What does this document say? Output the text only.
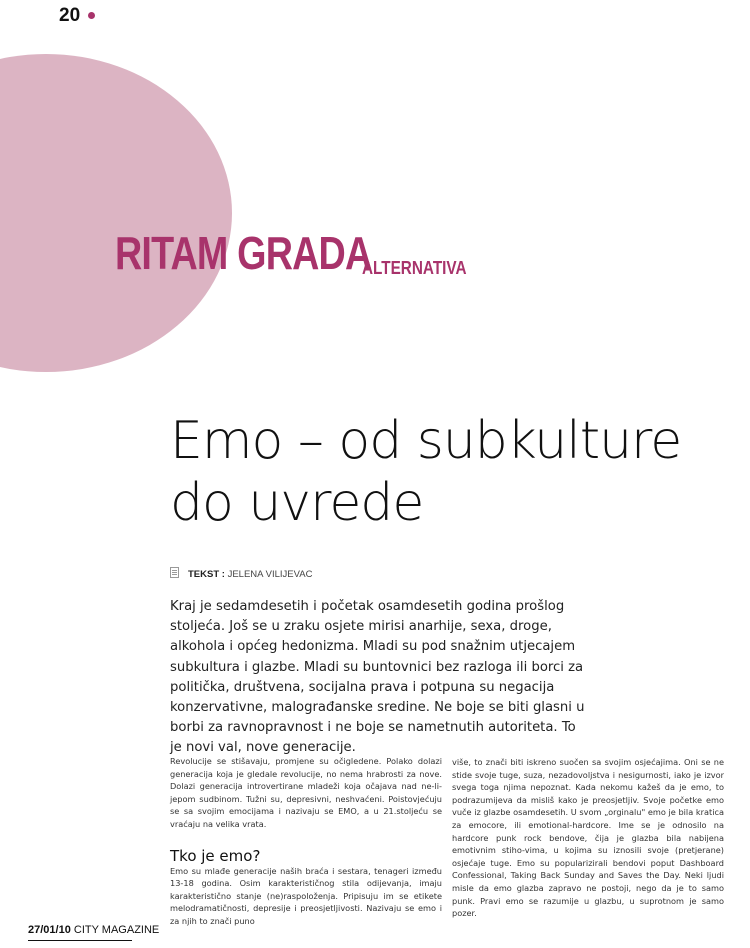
20
RITAM GRADA
ALTERNATIVA
Emo – od subkulture do uvrede
TEKST : JELENA VILIJEVAC

Kraj je sedamdesetih i početak osamdesetih godina prošlog stoljeća. Još se u zraku osjete mirisi anarhije, sexa, droge, alkohola i općeg hedonizma. Mladi su pod snažnim utjecajem subkultura i glazbe. Mladi su buntovnici bez razloga ili borci za politička, društvena, socijalna prava i potpuna su negacija konzervativne, malograđanske sredine. Ne boje se biti glasni u borbi za ravnopravnost i ne boje se nametnutih autoriteta. To je novi val, nove generacije.

Revolucije se stišavaju, promjene su očigledene. Polako dolazi generacija koja je gledale revolucije, no nema hrabrosti za nove. Dolazi generacija introvertirane mladeži koja očajava nad ne-li-jepom sudbinom. Tužni su, depresivni, neshvaćeni. Poistovjećuju se sa svojim emocijama i nazivaju se EMO, a u 21.stoljeću se vraćaju na velika vrata.

Tko je emo?

Emo su mlađe generacije naših braća i sestara, tenageri između 13-18 godina. Osim karakterističnog stila odijevanja, imaju karakteristično stanje (ne)raspoloženja. Pripisuju im se etikete melodramatičnosti, depresije i preosjetljivosti. Nazivaju se emo i za njih to znači puno

više, to znači biti iskreno suočen sa svojim osjećajima. Oni se ne stide svoje tuge, suza, nezadovoljstva i nesigurnosti, iako je izvor svega toga njima nepoznat. Kada nekomu kažeš da je emo, to podrazumijeva da misliš kako je preosjetljiv. Svoje početke emo vuče iz glazbe osamdesetih. U svom „orginalu" emo je bila kratica za emocore, ili emotional-hardcore. Ime se je odnosilo na hardcore punk rock bendove, čija je glazba bila nabijena emotivnim stiho-vima, u kojima su iznosili svoje (pretjerane) osjećaje tuge. Emo su popularizirali bendovi poput Dashboard Confessional, Taking Back Sunday and Saves the Day. Neki ljudi misle da emo glazba zapravo ne postoji, nego da je to samo punk. Pravi emo se razumije u glazbu, u suprotnom je samo pozer.

27/01/10 CITY MAGAZINE
